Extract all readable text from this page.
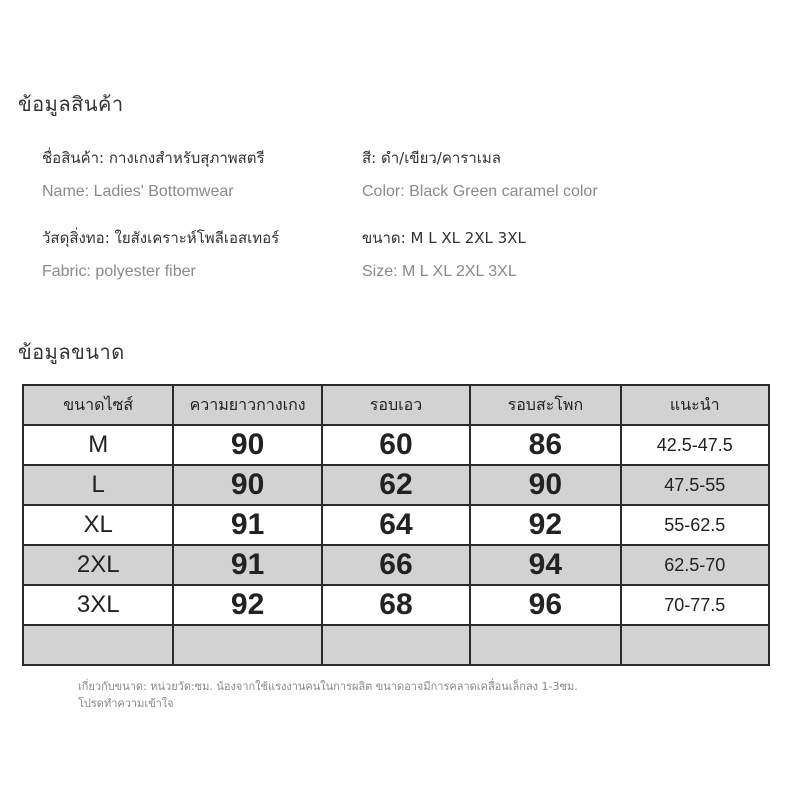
ข้อมูลสินค้า
ชื่อสินค้า: กางเกงสำหรับสุภาพสตรี	สี: ดำ/เขียว/คาราเมล
Name: Ladies' Bottomwear	Color: Black Green caramel color
วัสดุสิ่งทอ: ใยสังเคราะห์โพลีเอสเทอร์	ขนาด: M L XL 2XL 3XL
Fabric: polyester fiber	Size: M L XL 2XL 3XL
ข้อมูลขนาด
ขนาดไซส์	ความยาวกางเกง	รอบเอว	รอบสะโพก	แนะนำ
M	90	60	86	42.5-47.5
L	90	62	90	47.5-55
XL	91	64	92	55-62.5
2XL	91	66	94	62.5-70
3XL	92	68	96	70-77.5

เกี่ยวกับขนาด: หน่วยวัด:ซม. น้องจากใช้แรงงานคนในการผลิต ขนาดอาจมีการคลาดเคลื่อนเล็กลง 1-3ซม.
โปรดทำความเข้าใจ
